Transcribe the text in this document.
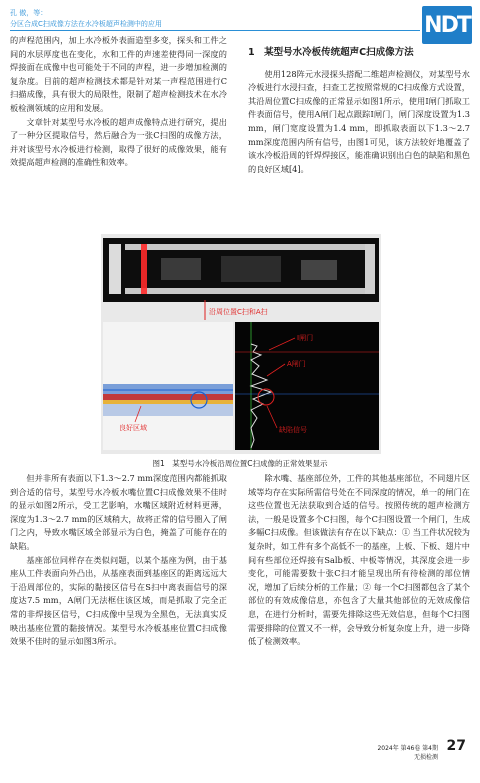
孔 傲，等：
分区合成C扫成像方法在水冷板超声检测中的应用	NDT

的声程范围内，加上水冷板外表面造型多变，探头和工件之间的水层厚度也在变化，水和工件的声速差使得同一深度的焊接面在成像中也可能处于不同的声程，进一步增加检测的复杂度。目前的超声检测技术都是针对某一声程范围进行C扫描成像，具有很大的局限性，限制了超声检测技术在水冷板检测领域的应用和发展。

文章针对某型号水冷板的超声成像特点进行研究，提出了一种分区提取信号，然后融合为一张C扫图的成像方法，并对该型号水冷板进行检测，取得了很好的成像效果，能有效提高超声检测的准确性和效率。

1　某型号水冷板传统超声C扫成像方法

使用128阵元水浸探头搭配二维超声检测仪，对某型号水冷板进行水浸扫查，扫查工艺按照常规的C扫成像方式设置，其沿周位置C扫成像的正常显示如图1所示，使用I闸门抓取工件表面信号，使用A闸门起点跟踪I闸门，闸门深度设置为1.3 mm，闸门宽度设置为1.4 mm，即抓取表面以下1.3～2.7 mm深度范围内所有信号，由图1可见，该方法较好地覆盖了该水冷板沿周的钎焊焊接区，能准确识别出白色的缺陷和黑色的良好区域[4]。

沿周位置C扫和A扫
良好区域
I闸门
A闸门
缺陷信号
图1　某型号水冷板沿周位置C扫成像的正常效果显示

但并非所有表面以下1.3～2.7 mm深度范围内都能抓取到合适的信号，某型号水冷板水嘴位置C扫成像效果不佳时的显示如图2所示，受工艺影响，水嘴区域附近材料更薄，深度为1.3～2.7 mm的区域稍大，故将正常的信号圈入了闸门之内，导致水嘴区域全部显示为白色，掩盖了可能存在的缺陷。

基座部位同样存在类似问题，以某个基座为例，由于基座从工件表面向外凸出，从基座表面到基座区的距离远远大于沿周部位的，实际的黏接区信号在S扫中离表面信号的深度达7.5 mm，A闸门无法框住该区域，而是抓取了完全正常的非焊接区信号，C扫成像中呈现为全黑色，无法真实反映出基座位置的黏接情况。某型号水冷板基座位置C扫成像效果不佳时的显示如图3所示。

除水嘴、基座部位外，工件的其他基座部位，不同翅片区域等均存在实际所需信号处在不同深度的情况，单一的闸门在这些位置也无法获取到合适的信号。按照传统的超声检测方法，一般是设置多个C扫图，每个C扫图设置一个闸门，生成多幅C扫成像。但该做法有存在以下缺点：① 当工件状况较为复杂时，如工件有多个高低不一的基座，上板、下板、翅片中间有些部位还焊接有Salb板、中板等情况，其深度会进一步变化，可能需要数十张C扫才能呈现出所有待检测的部位情况，增加了后续分析的工作量；② 每一个C扫图都包含了某个部位的有效成像信息，亦包含了大量其他部位的无效成像信息，在进行分析时，需要先排除这些无效信息，但每个C扫图需要排除的位置又不一样，会导致分析复杂度上升，进一步降低了检测效率。

2024年 第46卷 第4期
无损检测
27
